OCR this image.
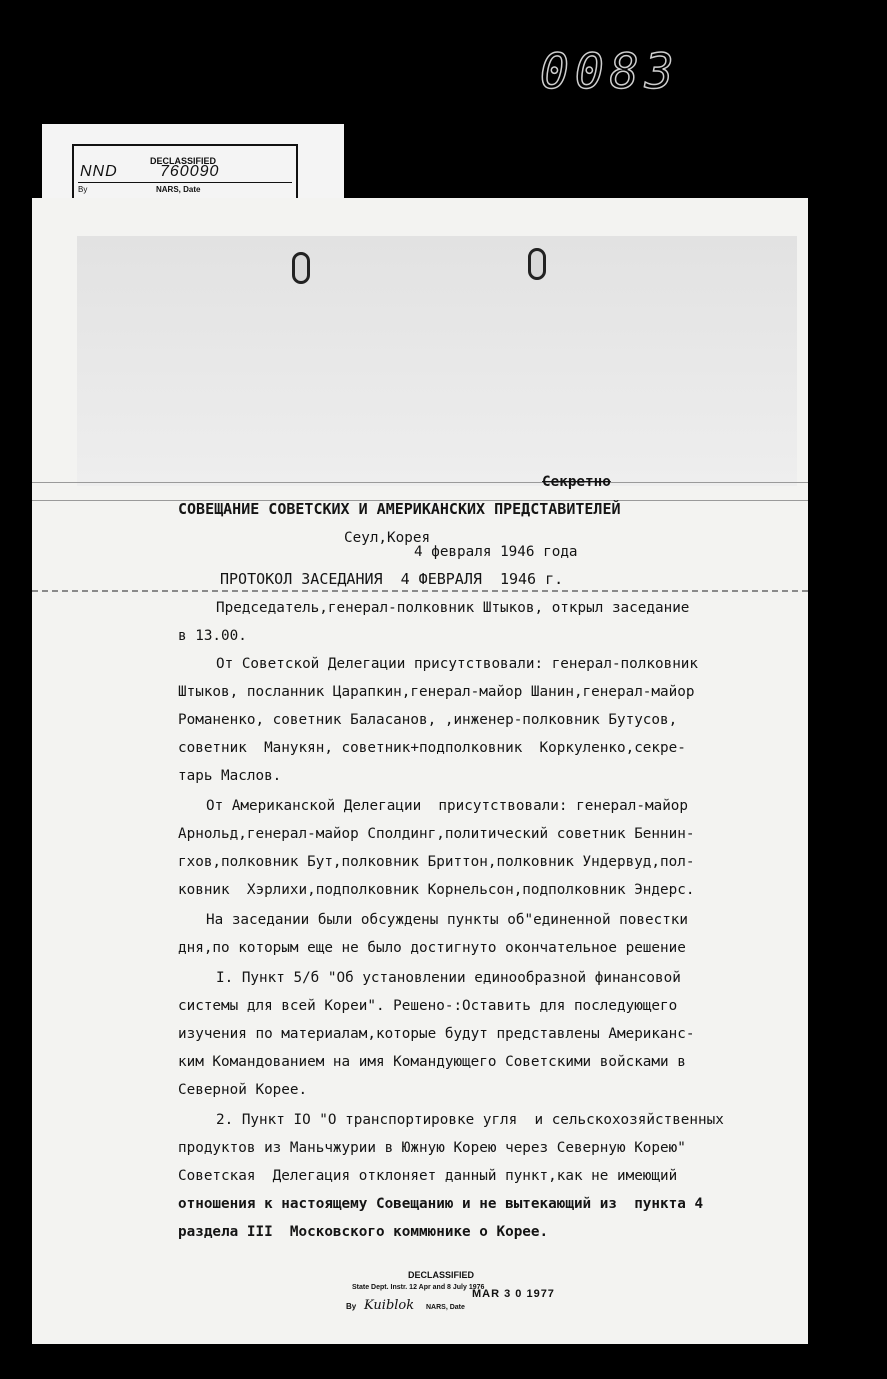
0083
DECLASSIFIED
NND	760090
By	NARS, Date
Секретно
СОВЕЩАНИЕ СОВЕТСКИХ И АМЕРИКАНСКИХ ПРЕДСТАВИТЕЛЕЙ
Сеул,Корея
4 февраля 1946 года
ПРОТОКОЛ ЗАСЕДАНИЯ  4 ФЕВРАЛЯ  1946 г.
Председатель,генерал-полковник Штыков, открыл заседание
в 13.00.
От Советской Делегации присутствовали: генерал-полковник
Штыков, посланник Царапкин,генерал-майор Шанин,генерал-майор
Романенко, советник Баласанов, ,инженер-полковник Бутусов,
советник  Манукян, советник+подполковник  Коркуленко,секре-
тарь Маслов.
От Американской Делегации  присутствовали: генерал-майор
Арнольд,генерал-майор Сполдинг,политический советник Беннин-
гхов,полковник Бут,полковник Бриттон,полковник Ундервуд,пол-
ковник  Хэрлихи,подполковник Корнельсон,подполковник Эндерс.
На заседании были обсуждены пункты об"единенной повестки
дня,по которым еще не было достигнуто окончательное решение
I. Пункт 5/б "Об установлении единообразной финансовой
системы для всей Кореи". Решено-:Оставить для последующего
изучения по материалам,которые будут представлены Американс-
ким Командованием на имя Командующего Советскими войсками в
Северной Корее.
2. Пункт IO "О транспортировке угля  и сельскохозяйственных
продуктов из Маньчжурии в Южную Корею через Северную Корею"
Советская  Делегация отклоняет данный пункт,как не имеющий
отношения к настоящему Совещанию и не вытекающий из  пункта 4
раздела III  Московского коммюнике о Корее.
DECLASSIFIED
State Dept. Instr. 12 Apr and 8 July 1976
MAR 3 0 1977
By Kuiblok NARS, Date
